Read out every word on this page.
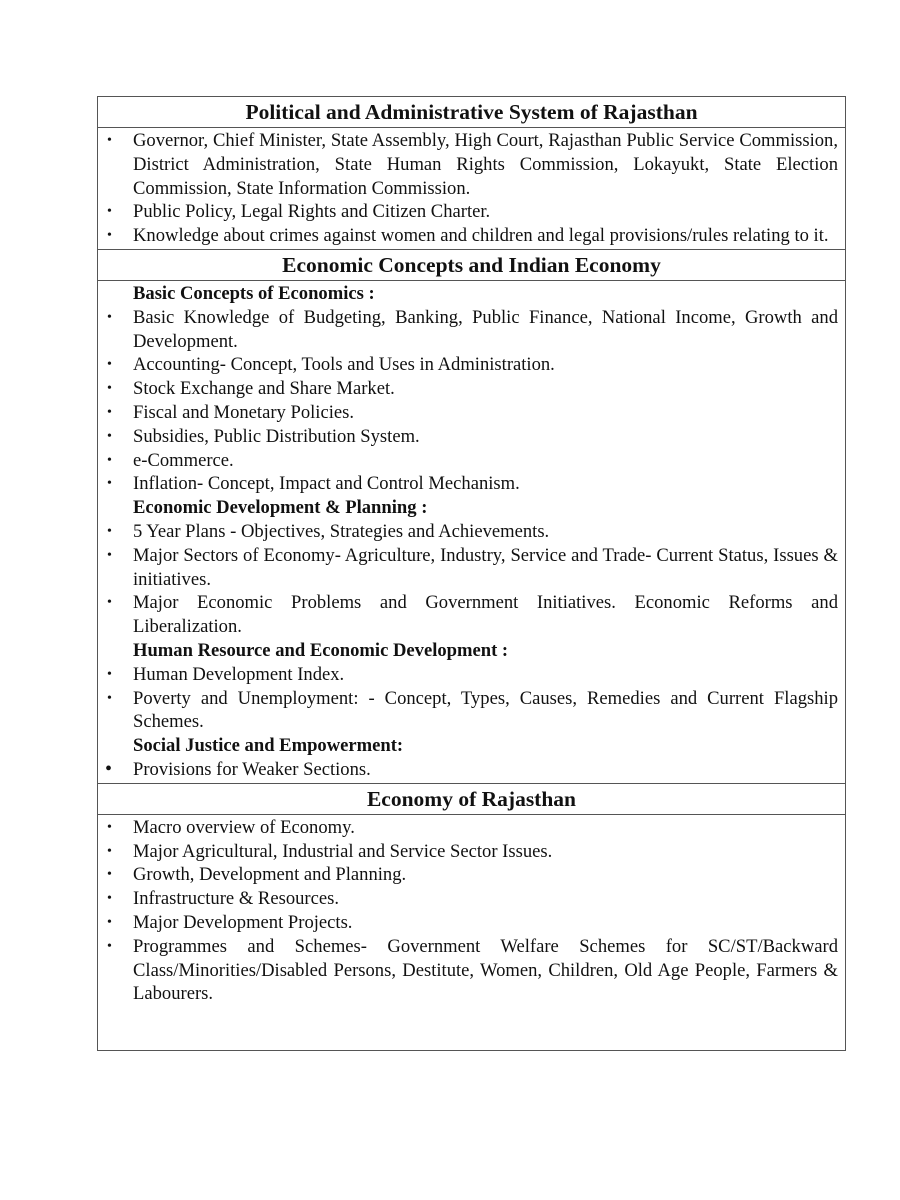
Political and Administrative System of Rajasthan
• Governor, Chief Minister, State Assembly, High Court, Rajasthan Public Service Commission, District Administration, State Human Rights Commission, Lokayukt, State Election Commission, State Information Commission.
• Public Policy, Legal Rights and Citizen Charter.
• Knowledge about crimes against women and children and legal provisions/rules relating to it.
Economic Concepts and Indian Economy
Basic Concepts of Economics :
• Basic Knowledge of Budgeting, Banking, Public Finance, National Income, Growth and Development.
• Accounting- Concept, Tools and Uses in Administration.
• Stock Exchange and Share Market.
• Fiscal and Monetary Policies.
• Subsidies, Public Distribution System.
• e-Commerce.
• Inflation- Concept, Impact and Control Mechanism.
Economic Development & Planning :
• 5 Year Plans - Objectives, Strategies and Achievements.
• Major Sectors of Economy- Agriculture, Industry, Service and Trade- Current Status, Issues & initiatives.
• Major Economic Problems and Government Initiatives. Economic Reforms and Liberalization.
Human Resource and Economic Development :
• Human Development Index.
• Poverty and Unemployment: - Concept, Types, Causes, Remedies and Current Flagship Schemes.
Social Justice and Empowerment:
• Provisions for Weaker Sections.
Economy of Rajasthan
• Macro overview of Economy.
• Major Agricultural, Industrial and Service Sector Issues.
• Growth, Development and Planning.
• Infrastructure & Resources.
• Major Development Projects.
• Programmes and Schemes- Government Welfare Schemes for SC/ST/Backward Class/Minorities/Disabled Persons, Destitute, Women, Children, Old Age People, Farmers & Labourers.
